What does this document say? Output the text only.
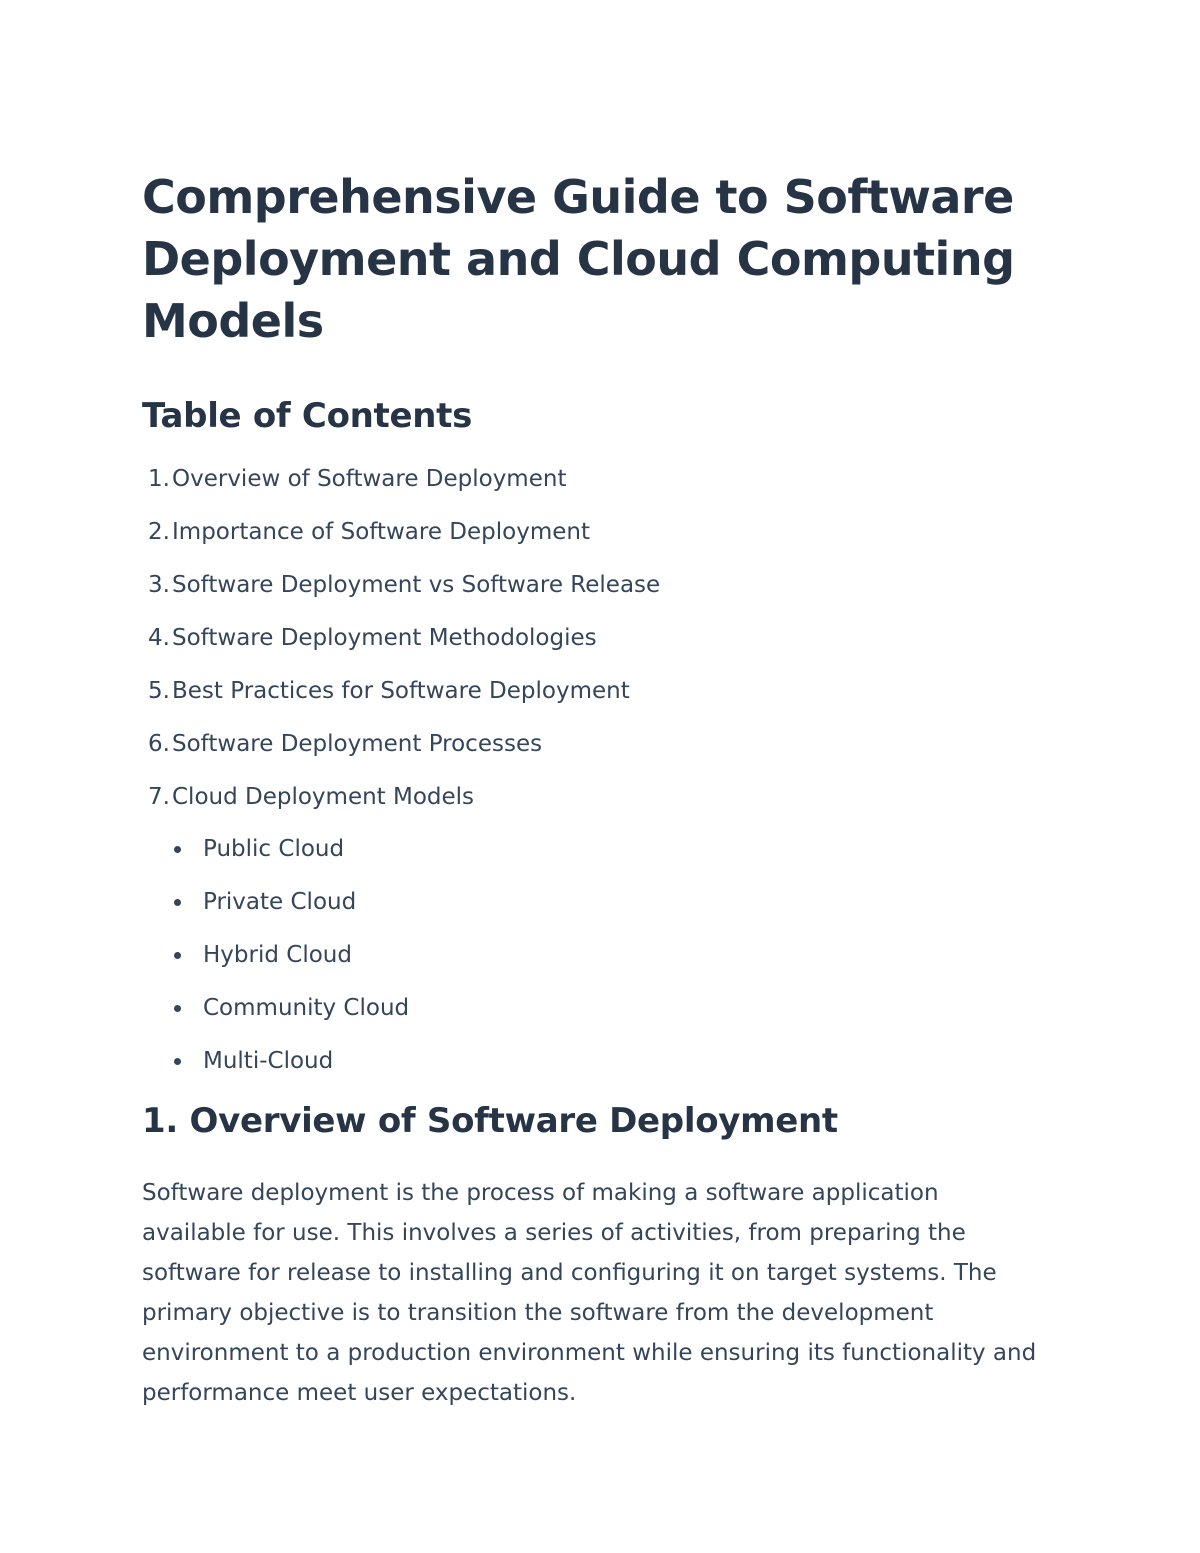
Comprehensive Guide to Software Deployment and Cloud Computing Models
Table of Contents
1. Overview of Software Deployment
2. Importance of Software Deployment
3. Software Deployment vs Software Release
4. Software Deployment Methodologies
5. Best Practices for Software Deployment
6. Software Deployment Processes
7. Cloud Deployment Models
Public Cloud
Private Cloud
Hybrid Cloud
Community Cloud
Multi-Cloud
1. Overview of Software Deployment

Software deployment is the process of making a software application available for use. This involves a series of activities, from preparing the software for release to installing and configuring it on target systems. The primary objective is to transition the software from the development environment to a production environment while ensuring its functionality and performance meet user expectations.
